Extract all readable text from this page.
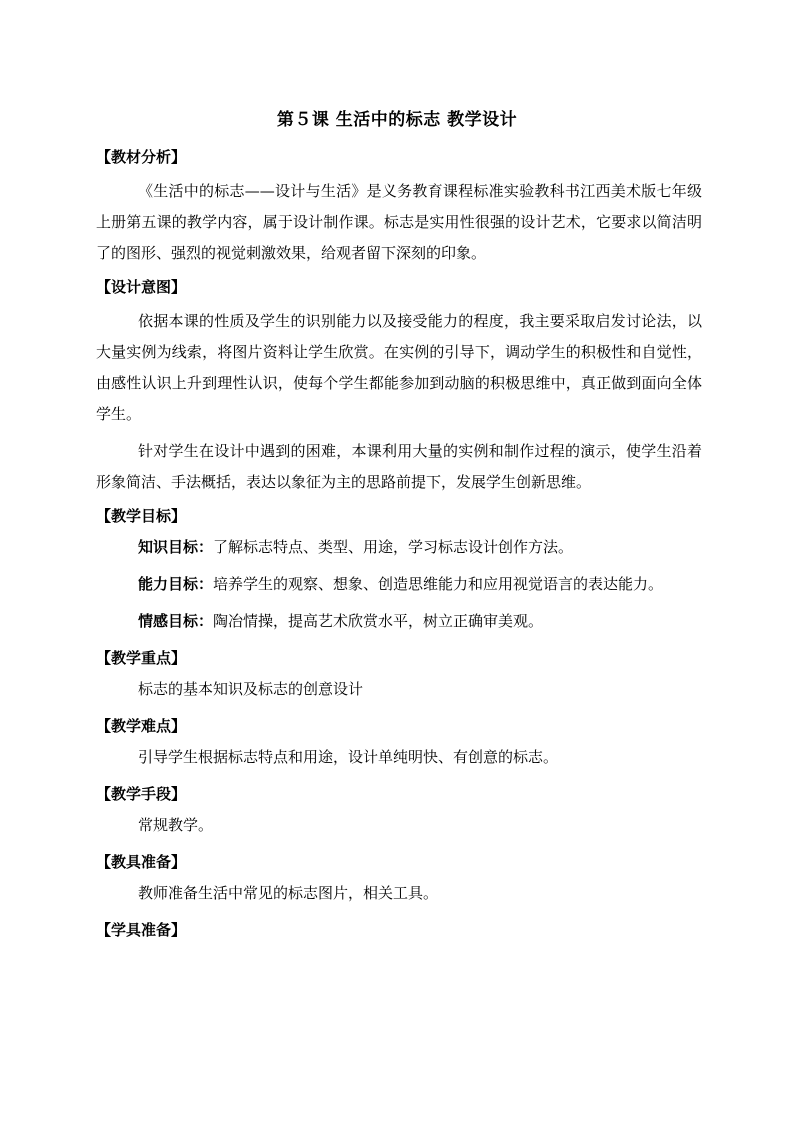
第５课 生活中的标志 教学设计
【教材分析】

《生活中的标志——设计与生活》是义务教育课程标准实验教科书江西美术版七年级上册第五课的教学内容，属于设计制作课。标志是实用性很强的设计艺术，它要求以简洁明了的图形、强烈的视觉刺激效果，给观者留下深刻的印象。

【设计意图】

依据本课的性质及学生的识别能力以及接受能力的程度，我主要采取启发讨论法，以大量实例为线索，将图片资料让学生欣赏。在实例的引导下，调动学生的积极性和自觉性，由感性认识上升到理性认识，使每个学生都能参加到动脑的积极思维中，真正做到面向全体学生。

针对学生在设计中遇到的困难，本课利用大量的实例和制作过程的演示，使学生沿着形象简洁、手法概括，表达以象征为主的思路前提下，发展学生创新思维。

【教学目标】
知识目标：了解标志特点、类型、用途，学习标志设计创作方法。
能力目标：培养学生的观察、想象、创造思维能力和应用视觉语言的表达能力。
情感目标：陶冶情操，提高艺术欣赏水平，树立正确审美观。
【教学重点】
标志的基本知识及标志的创意设计
【教学难点】
引导学生根据标志特点和用途，设计单纯明快、有创意的标志。
【教学手段】
常规教学。
【教具准备】
教师准备生活中常见的标志图片，相关工具。
【学具准备】
